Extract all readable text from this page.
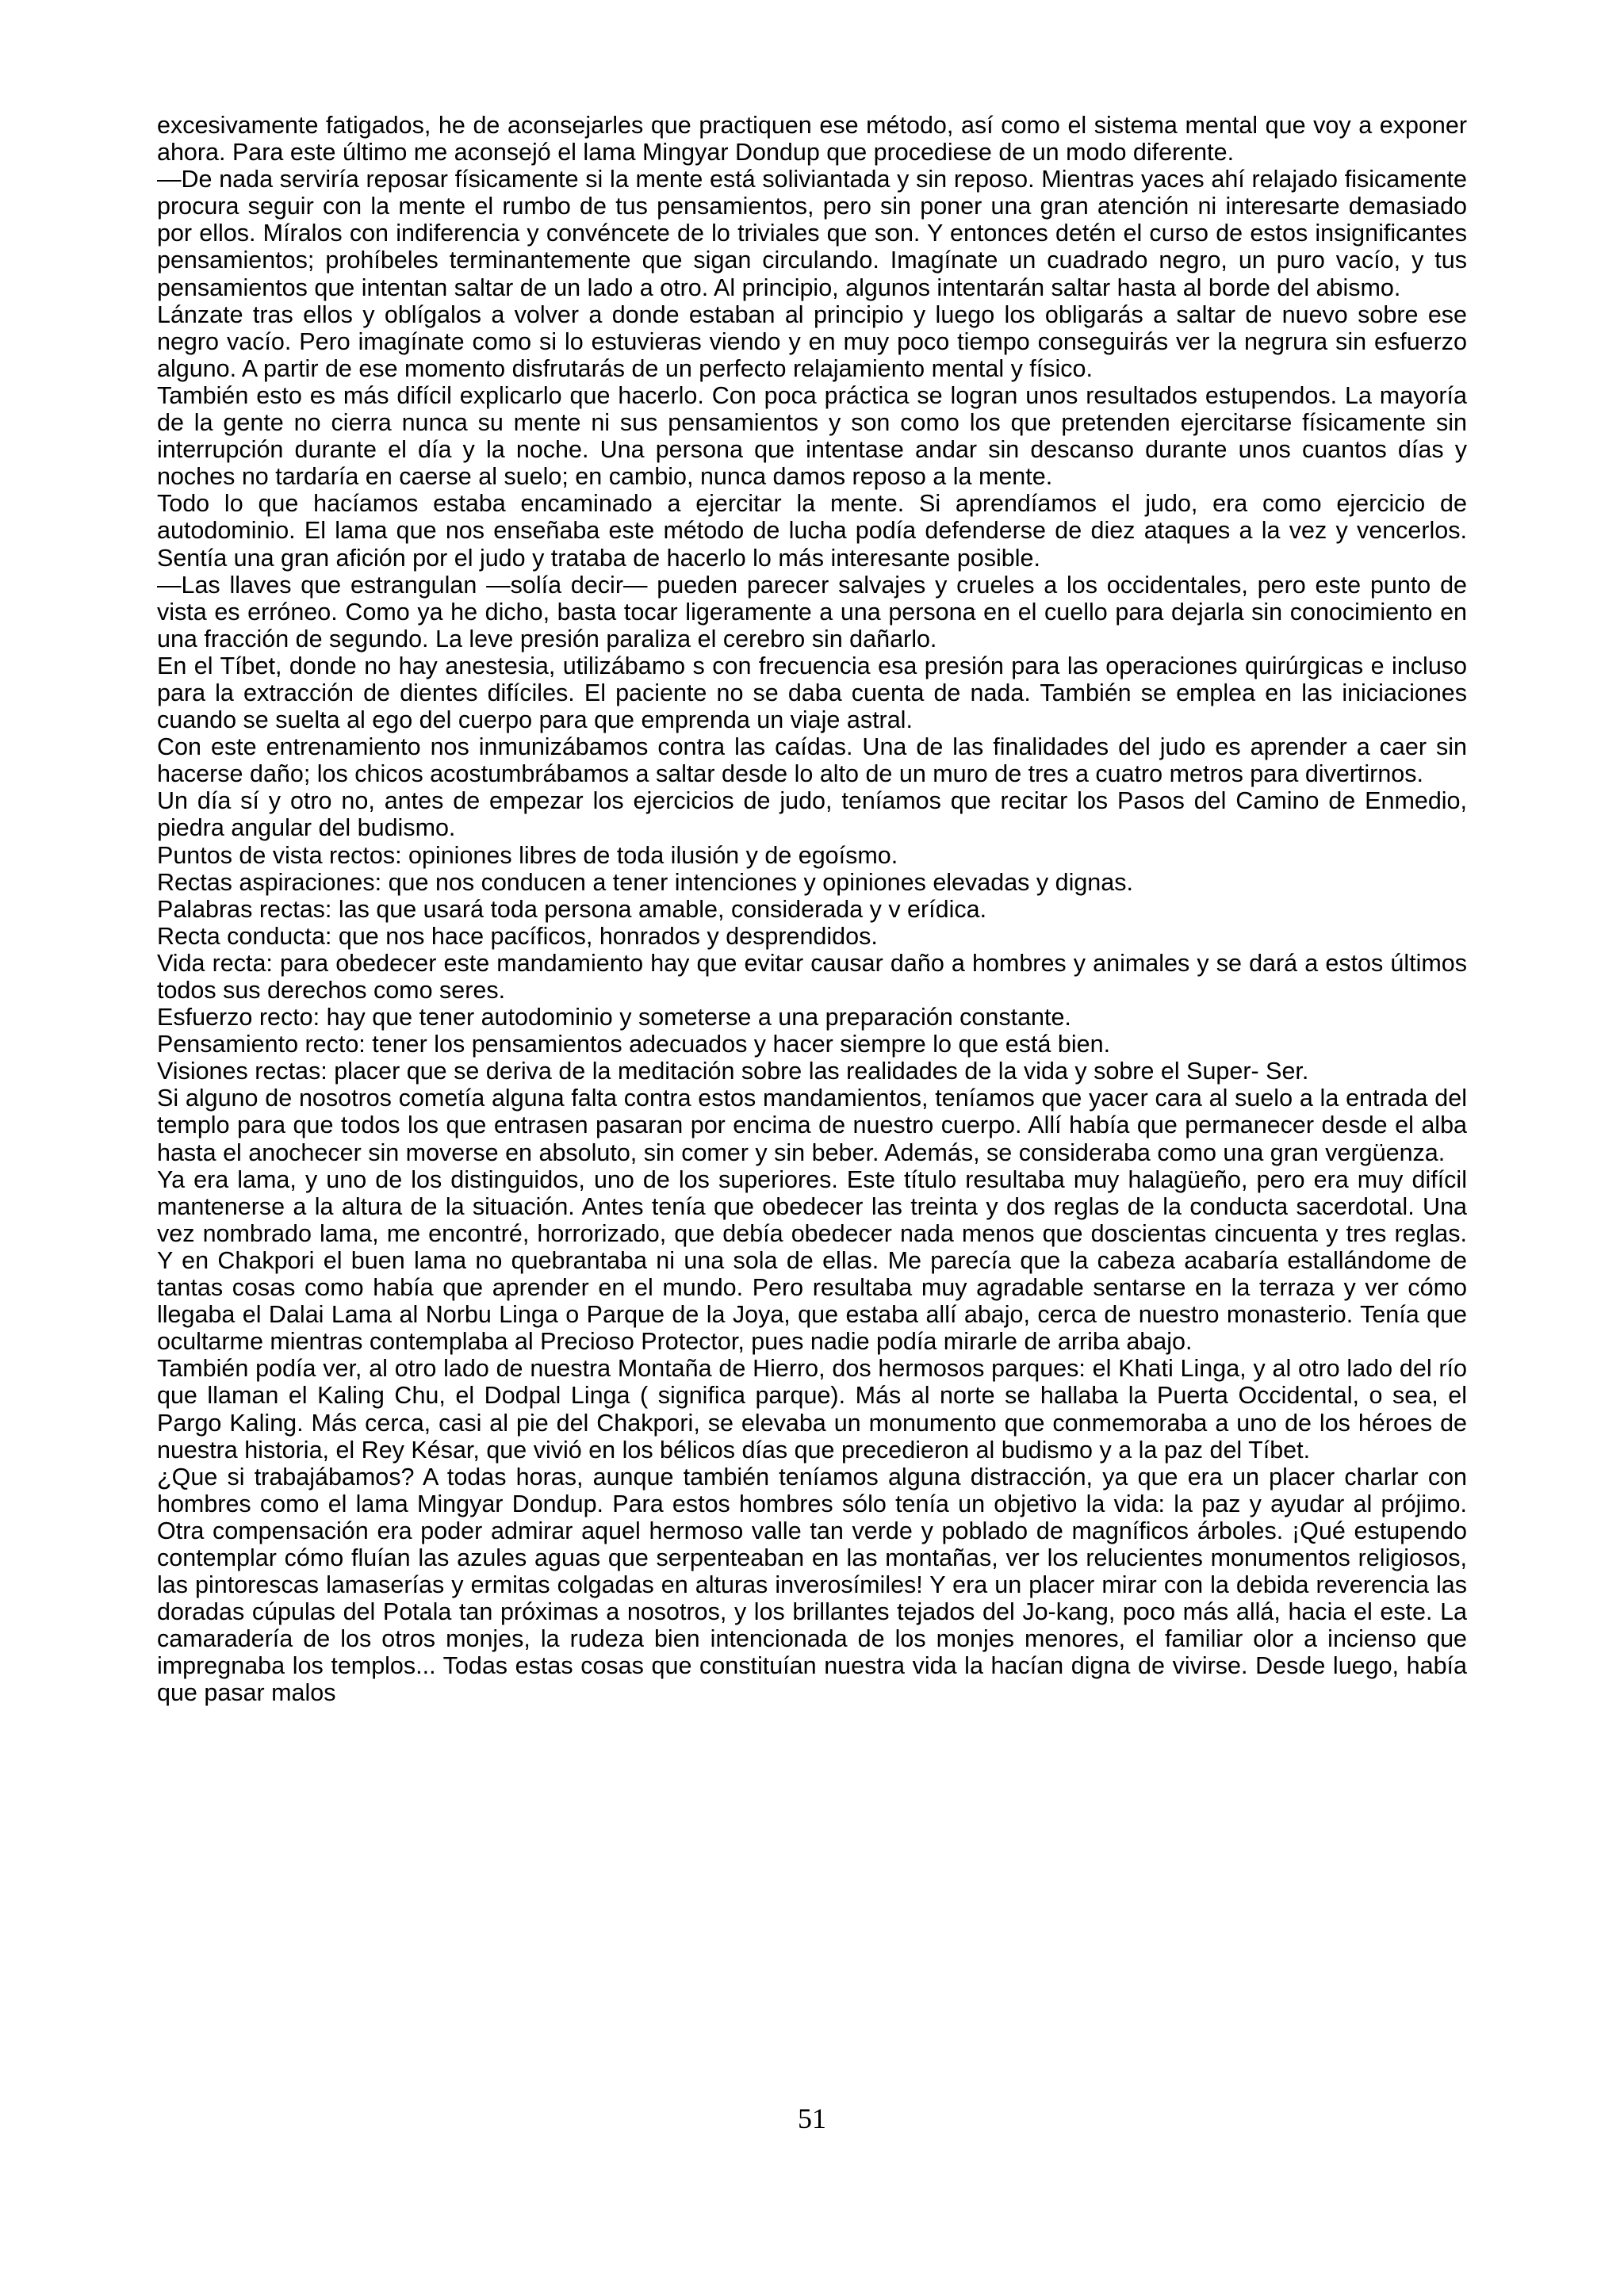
excesivamente fatigados, he de aconsejarles que practiquen ese método, así como el sistema mental que voy a exponer ahora. Para este último me aconsejó el lama Mingyar Dondup que procediese de un modo diferente.

—De nada serviría reposar físicamente si la mente está soliviantada y sin reposo. Mientras yaces ahí relajado fisicamente procura seguir con la mente el rumbo de tus pensamientos, pero sin poner una gran atención ni interesarte demasiado por ellos. Míralos con indiferencia y convéncete de lo triviales que son. Y entonces detén el curso de estos insignificantes pensamientos; prohíbeles terminantemente que sigan circulando. Imagínate un cuadrado negro, un puro vacío, y tus pensamientos que intentan saltar de un lado a otro. Al principio, algunos intentarán saltar hasta al borde del abismo.

Lánzate tras ellos y oblígalos a volver a donde estaban al principio y luego los obligarás a saltar de nuevo sobre ese negro vacío. Pero imagínate como si lo estuvieras viendo y en muy poco tiempo conseguirás ver la negrura sin esfuerzo alguno. A partir de ese momento disfrutarás de un perfecto relajamiento mental y físico.

También esto es más difícil explicarlo que hacerlo. Con poca práctica se logran unos resultados estupendos. La mayoría de la gente no cierra nunca su mente ni sus pensamientos y son como los que pretenden ejercitarse físicamente sin interrupción durante el día y la noche. Una persona que intentase andar sin descanso durante unos cuantos días y noches no tardaría en caerse al suelo; en cambio, nunca damos reposo a la mente.

Todo lo que hacíamos estaba encaminado a ejercitar la mente. Si aprendíamos el judo, era como ejercicio de autodominio. El lama que nos enseñaba este método de lucha podía defenderse de diez ataques a la vez y vencerlos. Sentía una gran afición por el judo y trataba de hacerlo lo más interesante posible.

—Las llaves que estrangulan —solía decir— pueden parecer salvajes y crueles a los occidentales, pero este punto de vista es erróneo. Como ya he dicho, basta tocar ligeramente a una persona en el cuello para dejarla sin conocimiento en una fracción de segundo. La leve presión paraliza el cerebro sin dañarlo.

En el Tíbet, donde no hay anestesia, utilizábamo s con frecuencia esa presión para las operaciones quirúrgicas e incluso para la extracción de dientes difíciles. El paciente no se daba cuenta de nada. También se emplea en las iniciaciones cuando se suelta al ego del cuerpo para que emprenda un viaje astral.

Con este entrenamiento nos inmunizábamos contra las caídas. Una de las finalidades del judo es aprender a caer sin hacerse daño; los chicos acostumbrábamos a saltar desde lo alto de un muro de tres a cuatro metros para divertirnos.

Un día sí y otro no, antes de empezar los ejercicios de judo, teníamos que recitar los Pasos del Camino de Enmedio, piedra angular del budismo.

Puntos de vista rectos: opiniones libres de toda ilusión y de egoísmo.

Rectas aspiraciones: que nos conducen a tener intenciones y opiniones elevadas y dignas.

Palabras rectas: las que usará toda persona amable, considerada y v erídica.

Recta conducta: que nos hace pacíficos, honrados y desprendidos.

Vida recta: para obedecer este mandamiento hay que evitar causar daño a hombres y animales y se dará a estos últimos todos sus derechos como seres.

Esfuerzo recto: hay que tener autodominio y someterse a una preparación constante.

Pensamiento recto: tener los pensamientos adecuados y hacer siempre lo que está bien.

Visiones rectas: placer que se deriva de la meditación sobre las realidades de la vida y sobre el Super- Ser.

Si alguno de nosotros cometía alguna falta contra estos mandamientos, teníamos que yacer cara al suelo a la entrada del templo para que todos los que entrasen pasaran por encima de nuestro cuerpo. Allí había que permanecer desde el alba hasta el anochecer sin moverse en absoluto, sin comer y sin beber. Además, se consideraba como una gran vergüenza.

Ya era lama, y uno de los distinguidos, uno de los superiores. Este título resultaba muy halagüeño, pero era muy difícil mantenerse a la altura de la situación. Antes tenía que obedecer las treinta y dos reglas de la conducta sacerdotal. Una vez nombrado lama, me encontré, horrorizado, que debía obedecer nada menos que doscientas cincuenta y tres reglas. Y en Chakpori el buen lama no quebrantaba ni una sola de ellas. Me parecía que la cabeza acabaría estallándome de tantas cosas como había que aprender en el mundo. Pero resultaba muy agradable sentarse en la terraza y ver cómo llegaba el Dalai Lama al Norbu Linga o Parque de la Joya, que estaba allí abajo, cerca de nuestro monasterio. Tenía que ocultarme mientras contemplaba al Precioso Protector, pues nadie podía mirarle de arriba abajo.

También podía ver, al otro lado de nuestra Montaña de Hierro, dos hermosos parques: el Khati Linga, y al otro lado del río que llaman el Kaling Chu, el Dodpal Linga ( significa parque). Más al norte se hallaba la Puerta Occidental, o sea, el Pargo Kaling. Más cerca, casi al pie del Chakpori, se elevaba un monumento que conmemoraba a uno de los héroes de nuestra historia, el Rey Késar, que vivió en los bélicos días que precedieron al budismo y a la paz del Tíbet.

¿Que si trabajábamos? A todas horas, aunque también teníamos alguna distracción, ya que era un placer charlar con hombres como el lama Mingyar Dondup. Para estos hombres sólo tenía un objetivo la vida: la paz y ayudar al prójimo. Otra compensación era poder admirar aquel hermoso valle tan verde y poblado de magníficos árboles. ¡Qué estupendo contemplar cómo fluían las azules aguas que serpenteaban en las montañas, ver los relucientes monumentos religiosos, las pintorescas lamaserías y ermitas colgadas en alturas inverosímiles! Y era un placer mirar con la debida reverencia las doradas cúpulas del Potala tan próximas a nosotros, y los brillantes tejados del Jo-kang, poco más allá, hacia el este. La camaradería de los otros monjes, la rudeza bien intencionada de los monjes menores, el familiar olor a incienso que impregnaba los templos... Todas estas cosas que constituían nuestra vida la hacían digna de vivirse. Desde luego, había que pasar malos

51
